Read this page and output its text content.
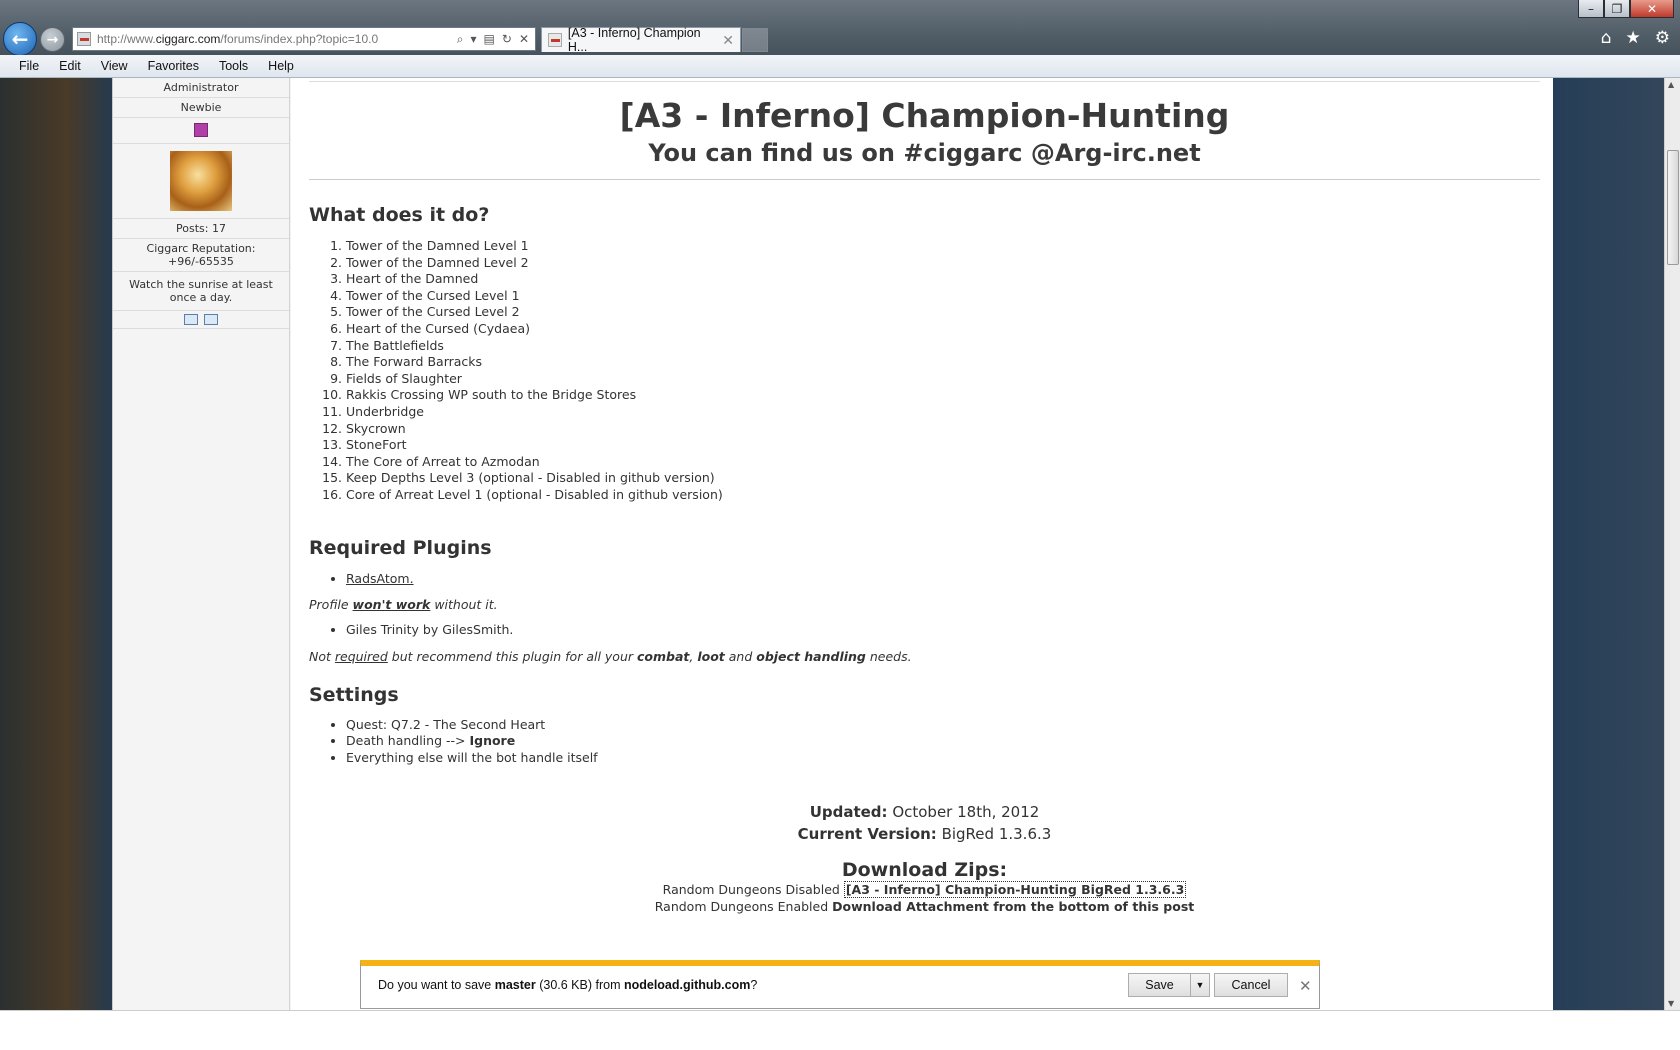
–	❐	✕
← →	http://www. ciggarc.com /forums/index.php?topic=10.0	⌕ ▾ ▤ ↻ ✕	[A3 - Inferno] Champion H...	✕	⌂ ★ ⚙
File Edit View Favorites Tools Help
Administrator
Newbie
Posts: 17
Ciggarc Reputation: +96/-65535
Watch the sunrise at least once a day.
[A3 - Inferno] Champion-Hunting
You can find us on #ciggarc @Arg-irc.net
What does it do?
1. Tower of the Damned Level 1
2. Tower of the Damned Level 2
3. Heart of the Damned
4. Tower of the Cursed Level 1
5. Tower of the Cursed Level 2
6. Heart of the Cursed (Cydaea)
7. The Battlefields
8. The Forward Barracks
9. Fields of Slaughter
10. Rakkis Crossing WP south to the Bridge Stores
11. Underbridge
12. Skycrown
13. StoneFort
14. The Core of Arreat to Azmodan
15. Keep Depths Level 3 (optional - Disabled in github version)
16. Core of Arreat Level 1 (optional - Disabled in github version)
Required Plugins
• RadsAtom.

Profile won't work without it.

• Giles Trinity by GilesSmith.

Not required but recommend this plugin for all your combat, loot and object handling needs.

Settings
• Quest: Q7.2 - The Second Heart
• Death handling --> Ignore
• Everything else will the bot handle itself
Updated: October 18th, 2012
Current Version: BigRed 1.3.6.3
Download Zips:
Random Dungeons Disabled [A3 - Inferno] Champion-Hunting BigRed 1.3.6.3
Random Dungeons Enabled Download Attachment from the bottom of this post
▲
▼
Do you want to save master (30.6 KB) from nodeload.github.com?	Save	▼	Cancel	✕
